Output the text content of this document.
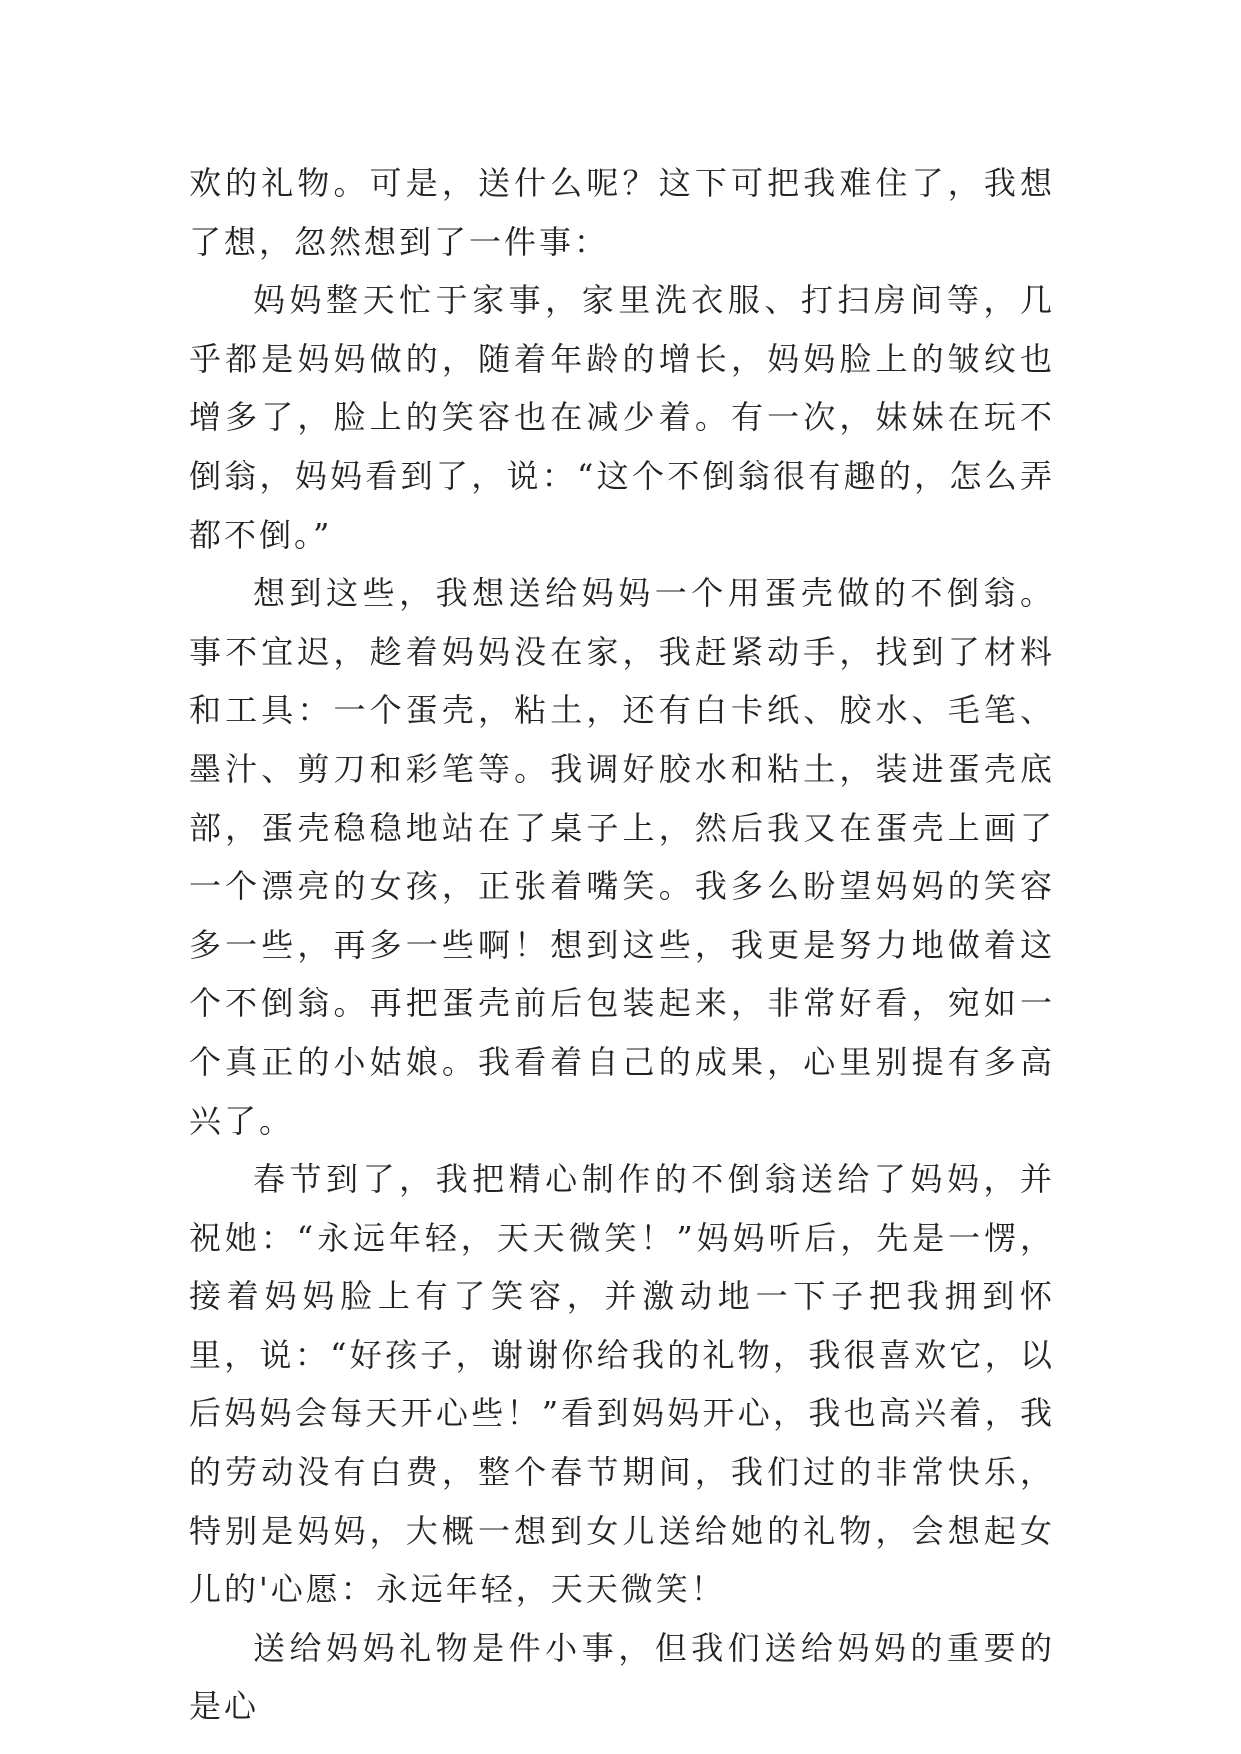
欢的礼物。可是，送什么呢？这下可把我难住了，我想了想，忽然想到了一件事：

妈妈整天忙于家事，家里洗衣服、打扫房间等，几乎都是妈妈做的，随着年龄的增长，妈妈脸上的皱纹也增多了，脸上的笑容也在减少着。有一次，妹妹在玩不倒翁，妈妈看到了，说：“这个不倒翁很有趣的，怎么弄都不倒。”

想到这些，我想送给妈妈一个用蛋壳做的不倒翁。事不宜迟，趁着妈妈没在家，我赶紧动手，找到了材料和工具：一个蛋壳，粘土，还有白卡纸、胶水、毛笔、墨汁、剪刀和彩笔等。我调好胶水和粘土，装进蛋壳底部，蛋壳稳稳地站在了桌子上，然后我又在蛋壳上画了一个漂亮的女孩，正张着嘴笑。我多么盼望妈妈的笑容多一些，再多一些啊！想到这些，我更是努力地做着这个不倒翁。再把蛋壳前后包装起来，非常好看，宛如一个真正的小姑娘。我看着自己的成果，心里别提有多高兴了。

春节到了，我把精心制作的不倒翁送给了妈妈，并祝她：“永远年轻，天天微笑！”妈妈听后，先是一愣，接着妈妈脸上有了笑容，并激动地一下子把我拥到怀里，说：“好孩子，谢谢你给我的礼物，我很喜欢它，以后妈妈会每天开心些！”看到妈妈开心，我也高兴着，我的劳动没有白费，整个春节期间，我们过的非常快乐，特别是妈妈，大概一想到女儿送给她的礼物，会想起女儿的'心愿：永远年轻，天天微笑！

送给妈妈礼物是件小事，但我们送给妈妈的重要的是心
